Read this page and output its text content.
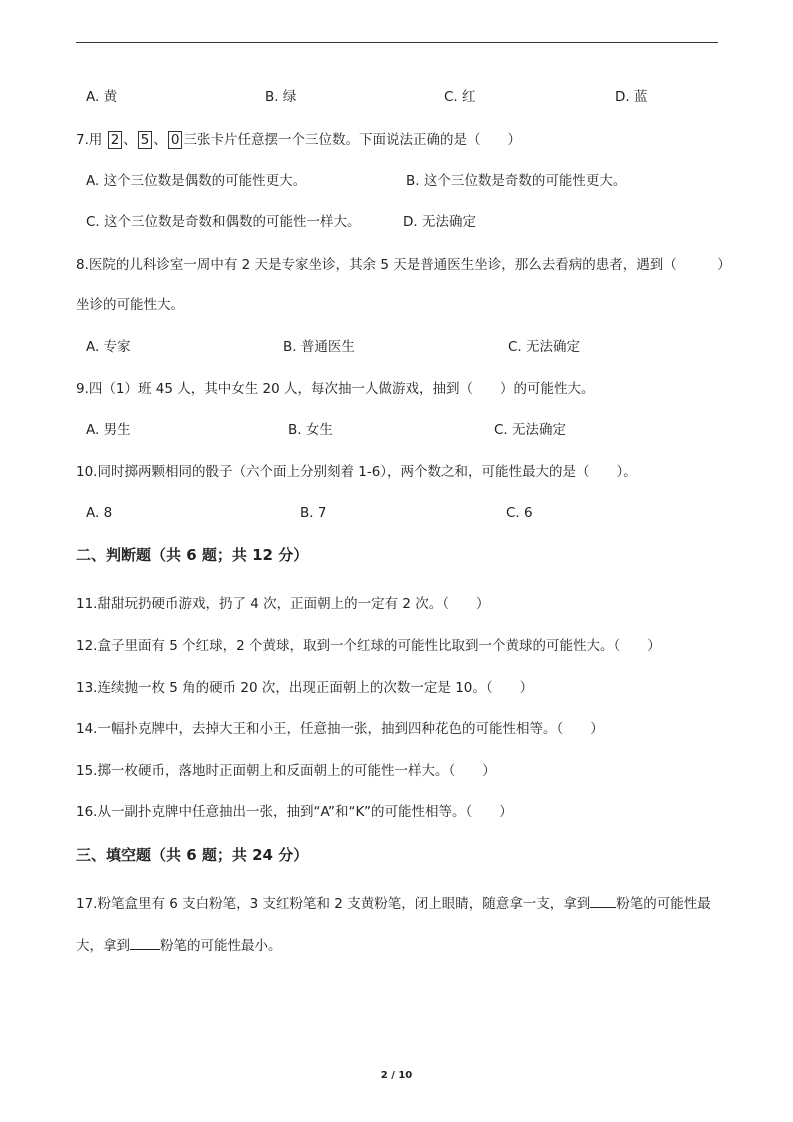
A. 黄	B. 绿	C. 红	D. 蓝
7.用 2 、 5 、 0 三张卡片任意摆一个三位数。下面说法正确的是（　　）
A. 这个三位数是偶数的可能性更大。	B. 这个三位数是奇数的可能性更大。
C. 这个三位数是奇数和偶数的可能性一样大。	D. 无法确定
8.医院的儿科诊室一周中有 2 天是专家坐诊，其余 5 天是普通医生坐诊，那么去看病的患者，遇到（　　　）
坐诊的可能性大。
A. 专家	B. 普通医生	C. 无法确定
9.四（1）班 45 人，其中女生 20 人，每次抽一人做游戏，抽到（　　）的可能性大。
A. 男生	B. 女生	C. 无法确定
10.同时掷两颗相同的骰子（六个面上分别刻着 1-6），两个数之和，可能性最大的是（　　）。
A. 8	B. 7	C. 6
二、判断题（共 6 题；共 12 分）
11.甜甜玩扔硬币游戏，扔了 4 次，正面朝上的一定有 2 次。（　　）
12.盒子里面有 5 个红球，2 个黄球，取到一个红球的可能性比取到一个黄球的可能性大。（　　）
13.连续抛一枚 5 角的硬币 20 次，出现正面朝上的次数一定是 10。（　　）
14.一幅扑克牌中，去掉大王和小王，任意抽一张，抽到四种花色的可能性相等。（　　）
15.掷一枚硬币，落地时正面朝上和反面朝上的可能性一样大。（　　）
16.从一副扑克牌中任意抽出一张，抽到“A”和“K”的可能性相等。（　　）
三、填空题（共 6 题；共 24 分）
17.粉笔盒里有 6 支白粉笔，3 支红粉笔和 2 支黄粉笔，闭上眼睛，随意拿一支，拿到 粉笔的可能性最
大，拿到 粉笔的可能性最小。
2 / 10
